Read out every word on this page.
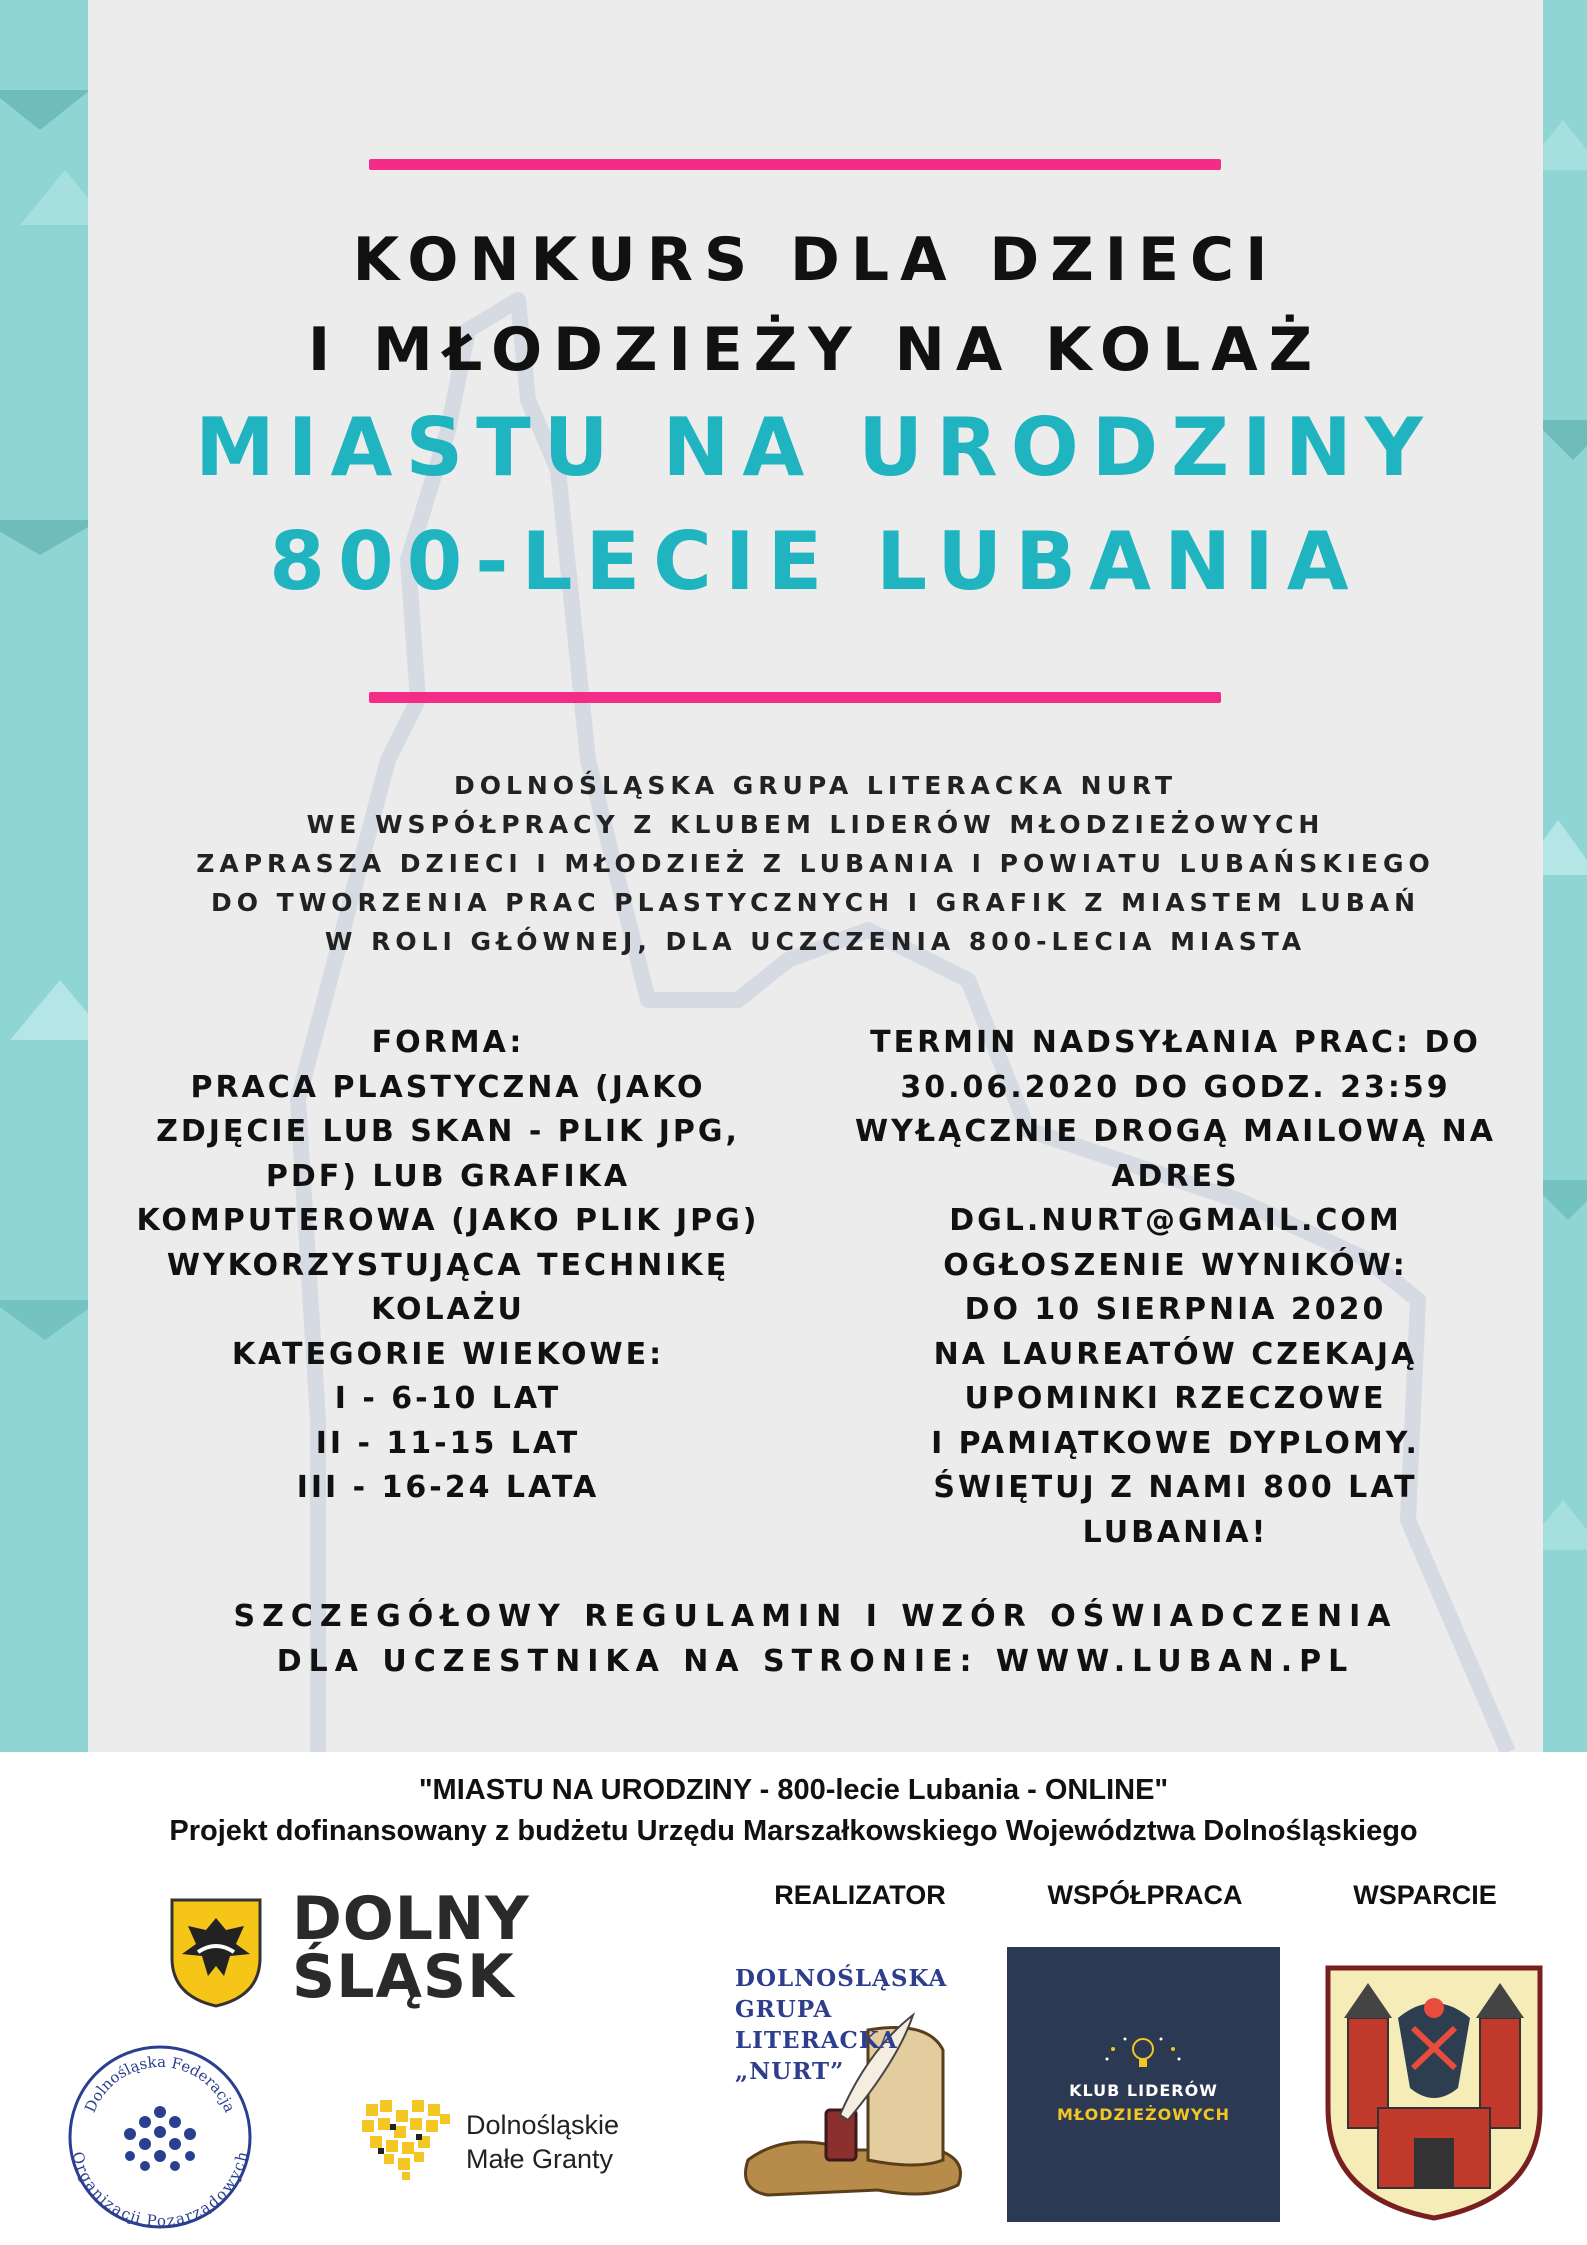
KONKURS DLA DZIECI
I MŁODZIEŻY NA KOLAŻ
MIASTU NA URODZINY
800-LECIE LUBANIA
DOLNOŚLĄSKA GRUPA LITERACKA NURT
WE WSPÓŁPRACY Z KLUBEM LIDERÓW MŁODZIEŻOWYCH
ZAPRASZA DZIECI I MŁODZIEŻ Z LUBANIA I POWIATU LUBAŃSKIEGO
DO TWORZENIA PRAC PLASTYCZNYCH I GRAFIK Z MIASTEM LUBAŃ
W ROLI GŁÓWNEJ, DLA UCZCZENIA 800-LECIA MIASTA
FORMA:
PRACA PLASTYCZNA (JAKO
ZDJĘCIE LUB SKAN - PLIK JPG,
PDF) LUB GRAFIKA
KOMPUTEROWA (JAKO PLIK JPG)
WYKORZYSTUJĄCA TECHNIKĘ
KOLAŻU
KATEGORIE WIEKOWE:
I - 6-10 LAT
II - 11-15 LAT
III - 16-24 LATA
TERMIN NADSYŁANIA PRAC: DO
30.06.2020 DO GODZ. 23:59
WYŁĄCZNIE DROGĄ MAILOWĄ NA
ADRES
DGL.NURT@GMAIL.COM
OGŁOSZENIE WYNIKÓW:
DO 10 SIERPNIA 2020
NA LAUREATÓW CZEKAJĄ
UPOMINKI RZECZOWE
I PAMIĄTKOWE DYPLOMY.
ŚWIĘTUJ Z NAMI 800 LAT
LUBANIA!
SZCZEGÓŁOWY REGULAMIN I WZÓR OŚWIADCZENIA
DLA UCZESTNIKA NA STRONIE: WWW.LUBAN.PL
"MIASTU NA URODZINY - 800-lecie Lubania - ONLINE"
Projekt dofinansowany z budżetu Urzędu Marszałkowskiego Województwa Dolnośląskiego
REALIZATOR	WSPÓŁPRACA	WSPARCIE
DOLNY
ŚLĄSK
Dolnośląska Federacja
Organizacji Pozarządowych
Dolnośląskie
Małe Granty
DOLNOŚLĄSKA
GRUPA
LITERACKA
„NURT”
KLUB LIDERÓW
MŁODZIEŻOWYCH
